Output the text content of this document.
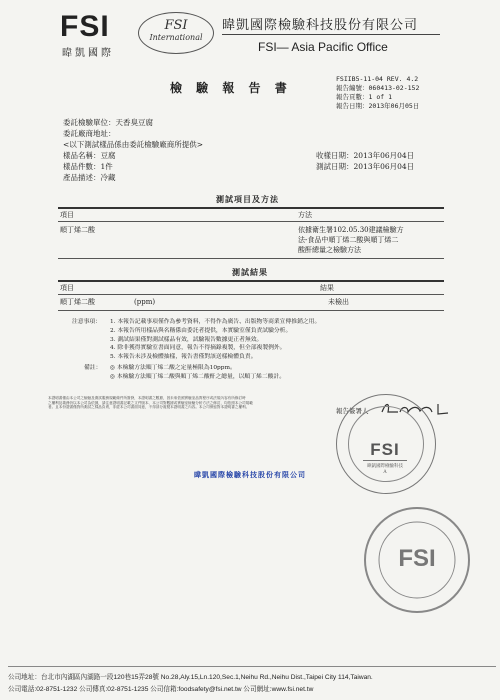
FSI
暐凱國際
FSI
International
暐凱國際檢驗科技股份有限公司
FSI— Asia Pacific Office
檢 驗 報 告 書
FSIIB5-11-04 REV. 4.2
報告編號：060413-02-152
報告頁數：1 of 1
報告日期：2013年06月05日
委託檢驗單位：天香臭豆腐
委託廠商地址：
<以下測試樣品係由委託檢驗廠商所提供>
樣品名稱：豆腐
樣品件數：1件
產品描述：冷藏
收樣日期：2013年06月04日
測試日期：2013年06月04日
測試項目及方法
項目	方法
順丁烯二酸	依據衛生署102.05.30建議檢驗方
法-食品中順丁烯二酸與順丁烯二
酸酐總量之檢驗方法
測試結果
項目	結果
順丁烯二酸	(ppm)	未檢出
注意事項： 1. 本報告記載事項僅作為參考資料，不得作為廣告、出版物等商業宣傳推銷之用。
2. 本報告所用樣品與名稱係由委託者提供，本實驗室僅負責試驗分析。
3. 測試結果僅對測試樣品有效，試驗報告數據更正者無效。
4. 除非獲得實驗室書面同意，報告不得摘錄複製，但全部複製例外。
5. 本報告未涉及檢體抽樣，報告書僅對該送樣檢體負責。
備註： ◎ 本檢驗方法順丁烯二酸之定量極限為10ppm。
◎ 本檢驗方法順丁烯二酸與順丁烯二酸酐之總量，以順丁烯二酸計。
本證明書僅由本公司之檢驗及測試服務規範條件所簽發，本證明書之數據，因未來依照實驗室品質程序或法規內容有所修訂時
之權利及義務仍以本公司為依據，請注意證明書記載之文件版本、本公司對數據或實驗室檢驗分析方法之修訂，均依照本公司規範
者。且本份證書僅對所測試之樣品負責，非經本公司書面同意，不得部分複製本證明書之內容。本公司保留對本證明書之權利。	報告簽署人
FSI
暐凱國際檢驗科技
A
FSI
暐凱國際檢驗科技股份有限公司
公司地址：台北市內湖區內湖路一段120巷15弄28號 No.28,Aly.15,Ln.120,Sec.1,Neihu Rd.,Neihu Dist.,Taipei City 114,Taiwan.
公司電話:02-8751-1232 公司傳真:02-8751-1235 公司信箱:foodsafety@fsi.net.tw 公司網址:www.fsi.net.tw
